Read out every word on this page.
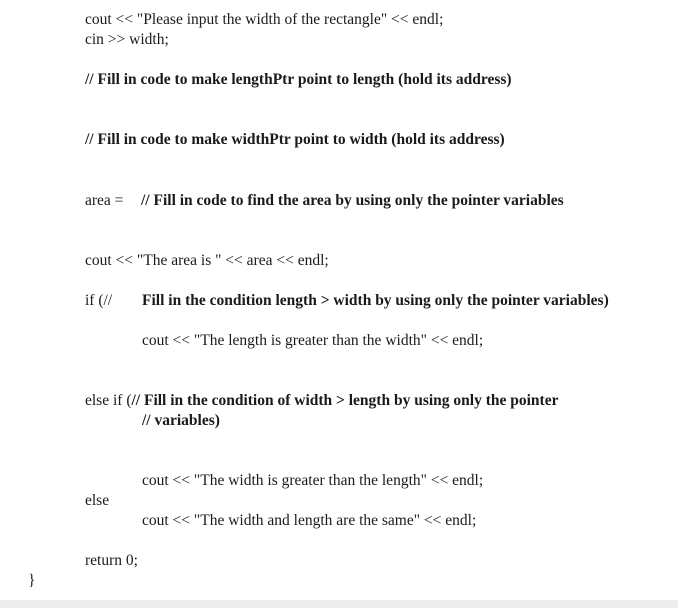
cout << "Please input the width of the rectangle" << endl;
cin >> width;
// Fill in code to make lengthPtr point to length (hold its address)
// Fill in code to make widthPtr point to width (hold its address)
area = // Fill in code to find the area by using only the pointer variables
cout << "The area is " << area << endl;
if (// Fill in the condition length > width by using only the pointer variables)
cout << "The length is greater than the width" << endl;
else if (// Fill in the condition of width > length by using only the pointer
// variables)
cout << "The width is greater than the length" << endl;
else
cout << "The width and length are the same" << endl;
return 0;
}
